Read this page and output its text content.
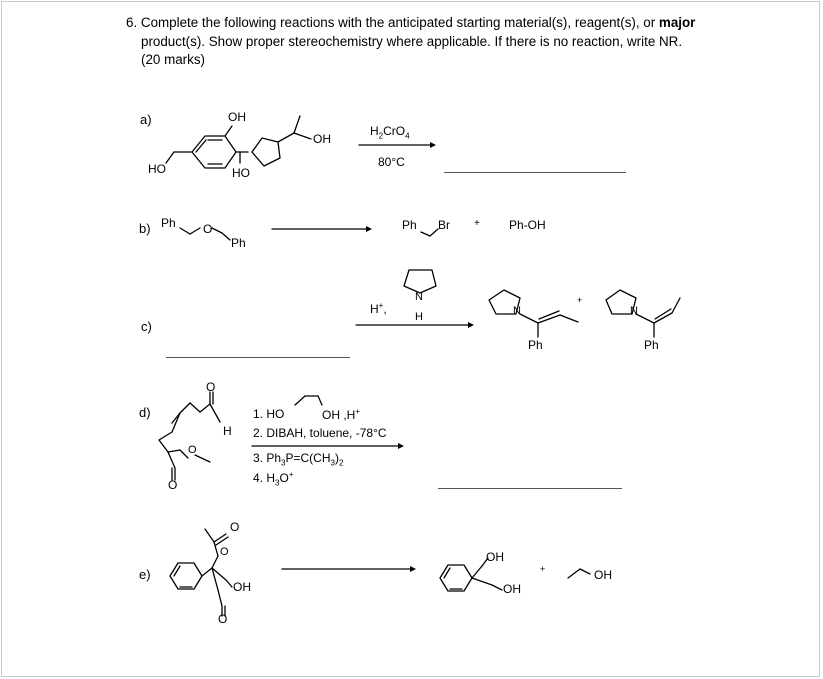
6. Complete the following reactions with the anticipated starting material(s), reagent(s), or major
product(s). Show proper stereochemistry where applicable. If there is no reaction, write NR.
(20 marks)
a)
b)
c)
d)
e)
OH
OH
HO	HO
$H_2CrO_4$
80°C
Ph O
Ph
Ph Br + Ph-OH
H+,
N
H	N
Ph
+
N
Ph
O
H
O
O
1. HO	OH ,H+
2. DIBAH, toluene, -78°C
3. $Ph_3P=C(CH_3)_2$
4. $H_3O^+$
O
O
OH
O
OH
OH
+	OH
